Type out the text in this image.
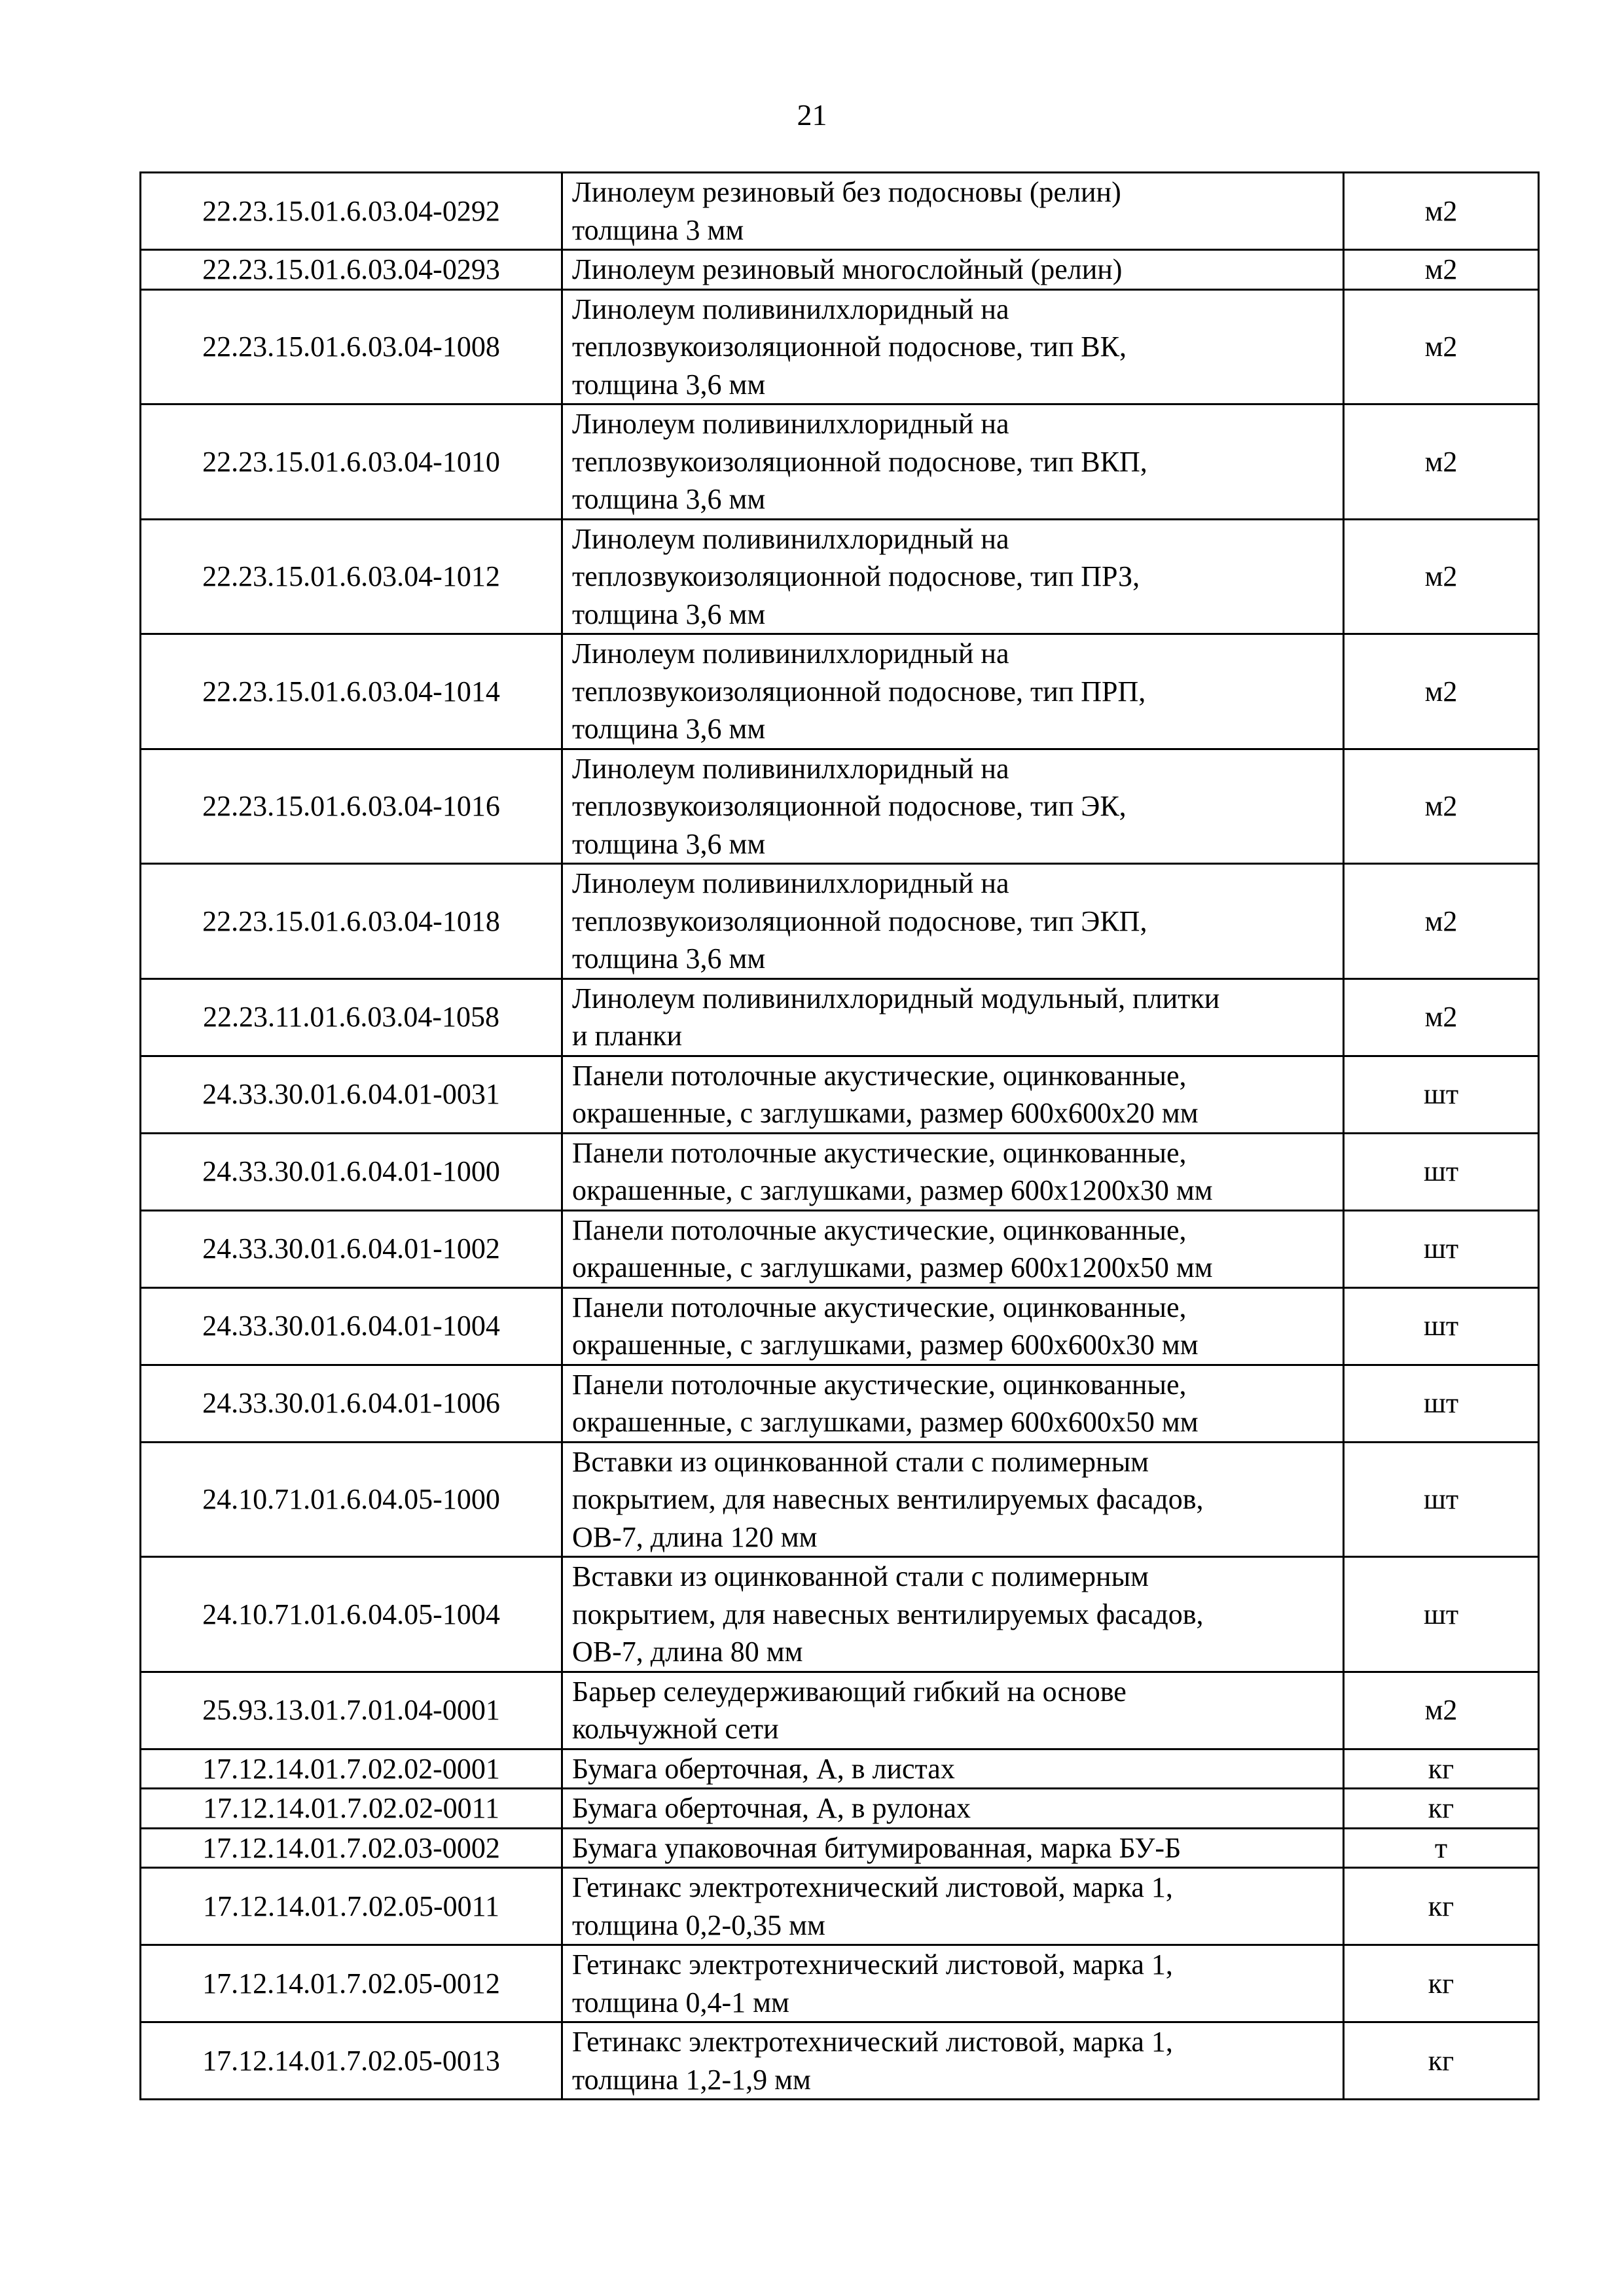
21
22.23.15.01.6.03.04-0292	Линолеум резиновый без подосновы (релин)
толщина 3 мм	м2
22.23.15.01.6.03.04-0293	Линолеум резиновый многослойный (релин)	м2
22.23.15.01.6.03.04-1008	Линолеум поливинилхлоридный на
теплозвукоизоляционной подоснове, тип ВК,
толщина 3,6 мм	м2
22.23.15.01.6.03.04-1010	Линолеум поливинилхлоридный на
теплозвукоизоляционной подоснове, тип ВКП,
толщина 3,6 мм	м2
22.23.15.01.6.03.04-1012	Линолеум поливинилхлоридный на
теплозвукоизоляционной подоснове, тип ПРЗ,
толщина 3,6 мм	м2
22.23.15.01.6.03.04-1014	Линолеум поливинилхлоридный на
теплозвукоизоляционной подоснове, тип ПРП,
толщина 3,6 мм	м2
22.23.15.01.6.03.04-1016	Линолеум поливинилхлоридный на
теплозвукоизоляционной подоснове, тип ЭК,
толщина 3,6 мм	м2
22.23.15.01.6.03.04-1018	Линолеум поливинилхлоридный на
теплозвукоизоляционной подоснове, тип ЭКП,
толщина 3,6 мм	м2
22.23.11.01.6.03.04-1058	Линолеум поливинилхлоридный модульный, плитки
и планки	м2
24.33.30.01.6.04.01-0031	Панели потолочные акустические, оцинкованные,
окрашенные, с заглушками, размер 600х600х20 мм	шт
24.33.30.01.6.04.01-1000	Панели потолочные акустические, оцинкованные,
окрашенные, с заглушками, размер 600х1200х30 мм	шт
24.33.30.01.6.04.01-1002	Панели потолочные акустические, оцинкованные,
окрашенные, с заглушками, размер 600х1200х50 мм	шт
24.33.30.01.6.04.01-1004	Панели потолочные акустические, оцинкованные,
окрашенные, с заглушками, размер 600х600х30 мм	шт
24.33.30.01.6.04.01-1006	Панели потолочные акустические, оцинкованные,
окрашенные, с заглушками, размер 600х600х50 мм	шт
24.10.71.01.6.04.05-1000	Вставки из оцинкованной стали с полимерным
покрытием, для навесных вентилируемых фасадов,
ОВ-7, длина 120 мм	шт
24.10.71.01.6.04.05-1004	Вставки из оцинкованной стали с полимерным
покрытием, для навесных вентилируемых фасадов,
ОВ-7, длина 80 мм	шт
25.93.13.01.7.01.04-0001	Барьер селеудерживающий гибкий на основе
кольчужной сети	м2
17.12.14.01.7.02.02-0001	Бумага оберточная, А, в листах	кг
17.12.14.01.7.02.02-0011	Бумага оберточная, А, в рулонах	кг
17.12.14.01.7.02.03-0002	Бумага упаковочная битумированная, марка БУ-Б	т
17.12.14.01.7.02.05-0011	Гетинакс электротехнический листовой, марка 1,
толщина 0,2-0,35 мм	кг
17.12.14.01.7.02.05-0012	Гетинакс электротехнический листовой, марка 1,
толщина 0,4-1 мм	кг
17.12.14.01.7.02.05-0013	Гетинакс электротехнический листовой, марка 1,
толщина 1,2-1,9 мм	кг
